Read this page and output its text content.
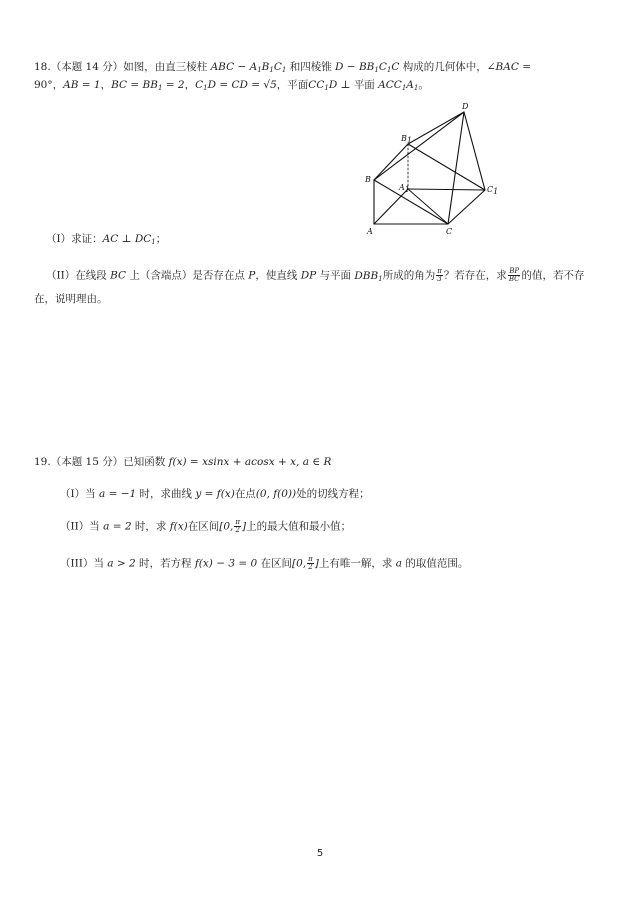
18.（本题 14 分）如图，由直三棱柱 ABC − $A_1B_1C_1$ 和四棱锥 $D - BB_1C_1C$ 构成的几何体中，∠BAC =
90°，AB = 1，BC = $BB_1 = 2$，$C_1D$ = CD = √5，平面$CC_1D$ ⊥ 平面 $ACC_1A_1$。
D
B1
B
A1	C1
A	C
（I）求证：AC ⊥ $DC_1$；
（II）在线段 BC 上（含端点）是否存在点 P，使直线 DP 与平面 $DBB_1$所成的角为 $\frac{\pi}{3}$ ？若存在，求 $\frac{BP}{BC}$ 的值，若不存
在，说明理由。
19.（本题 15 分）已知函数 f(x) = xsinx + acosx + x, a ∈ R
（I）当 a = −1 时，求曲线 y = f(x)在点(0, f(0))处的切线方程；
（II）当 a = 2 时，求 f(x)在区间[0, $\frac{\pi}{2}$ ]上的最大值和最小值；
（III）当 a > 2 时，若方程 f(x) − 3 = 0 在区间[0, $\frac{\pi}{2}$ ]上有唯一解，求 a 的取值范围。
5
